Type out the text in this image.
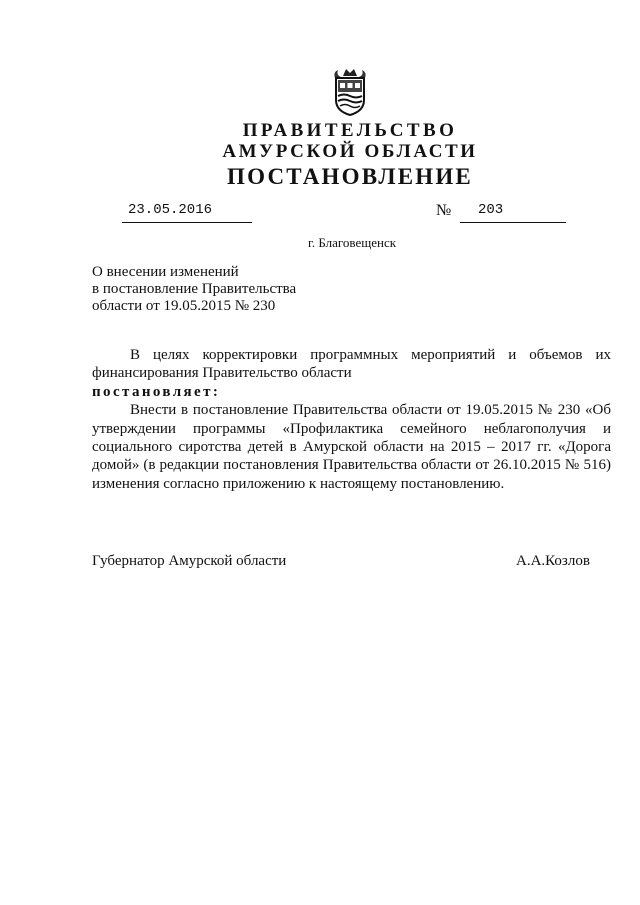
ПРАВИТЕЛЬСТВО
АМУРСКОЙ ОБЛАСТИ
ПОСТАНОВЛЕНИЕ
23.05.2016	№ 203
г. Благовещенск
О внесении изменений
в постановление Правительства
области от 19.05.2015 № 230

В целях корректировки программных мероприятий и объемов их финансирования Правительство области

постановляет:

Внести в постановление Правительства области от 19.05.2015 № 230 «Об утверждении программы «Профилактика семейного неблагополучия и социального сиротства детей в Амурской области на 2015 – 2017 гг. «Дорога домой» (в редакции постановления Правительства области от 26.10.2015 № 516) изменения согласно приложению к настоящему постановлению.

Губернатор Амурской области	А.А.Козлов
